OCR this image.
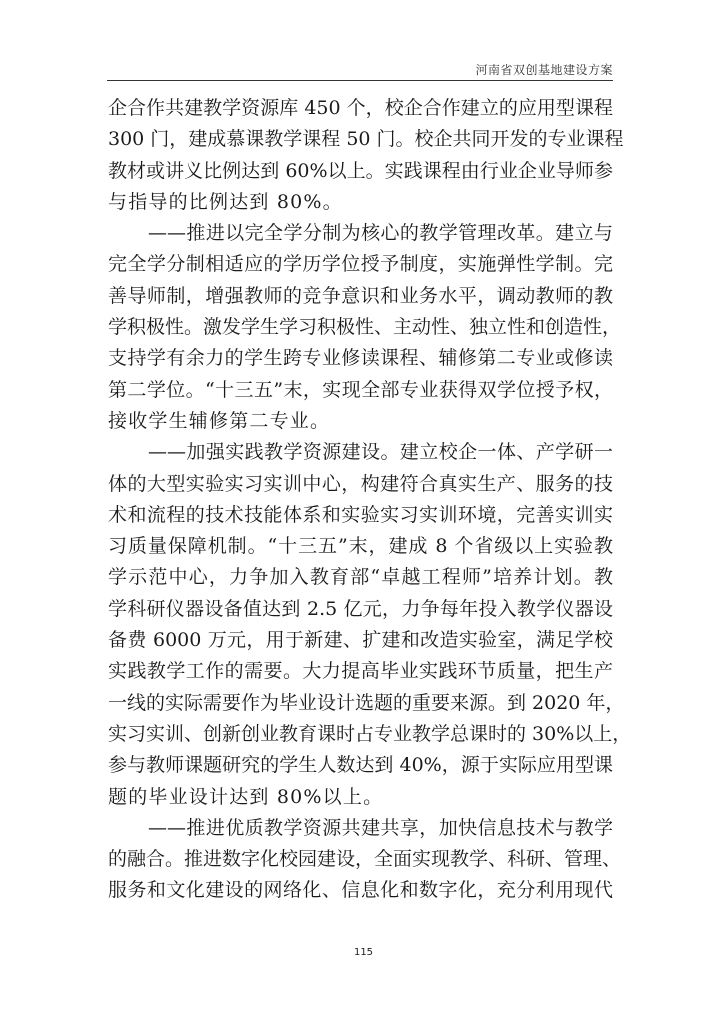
河南省双创基地建设方案
企合作共建教学资源库 450 个，校企合作建立的应用型课程
300 门，建成慕课教学课程 50 门。校企共同开发的专业课程
教材或讲义比例达到 60%以上。实践课程由行业企业导师参
与指导的比例达到 80%。
——推进以完全学分制为核心的教学管理改革。建立与
完全学分制相适应的学历学位授予制度，实施弹性学制。完
善导师制，增强教师的竞争意识和业务水平，调动教师的教
学积极性。激发学生学习积极性、主动性、独立性和创造性，
支持学有余力的学生跨专业修读课程、辅修第二专业或修读
第二学位。“十三五”末，实现全部专业获得双学位授予权，
接收学生辅修第二专业。
——加强实践教学资源建设。建立校企一体、产学研一
体的大型实验实习实训中心，构建符合真实生产、服务的技
术和流程的技术技能体系和实验实习实训环境，完善实训实
习质量保障机制。“十三五”末，建成 8 个省级以上实验教
学示范中心，力争加入教育部“卓越工程师”培养计划。教
学科研仪器设备值达到 2.5 亿元，力争每年投入教学仪器设
备费 6000 万元，用于新建、扩建和改造实验室，满足学校
实践教学工作的需要。大力提高毕业实践环节质量，把生产
一线的实际需要作为毕业设计选题的重要来源。到 2020 年，
实习实训、创新创业教育课时占专业教学总课时的 30%以上，
参与教师课题研究的学生人数达到 40%，源于实际应用型课
题的毕业设计达到 80%以上。
——推进优质教学资源共建共享，加快信息技术与教学
的融合。推进数字化校园建设，全面实现教学、科研、管理、
服务和文化建设的网络化、信息化和数字化，充分利用现代
115
